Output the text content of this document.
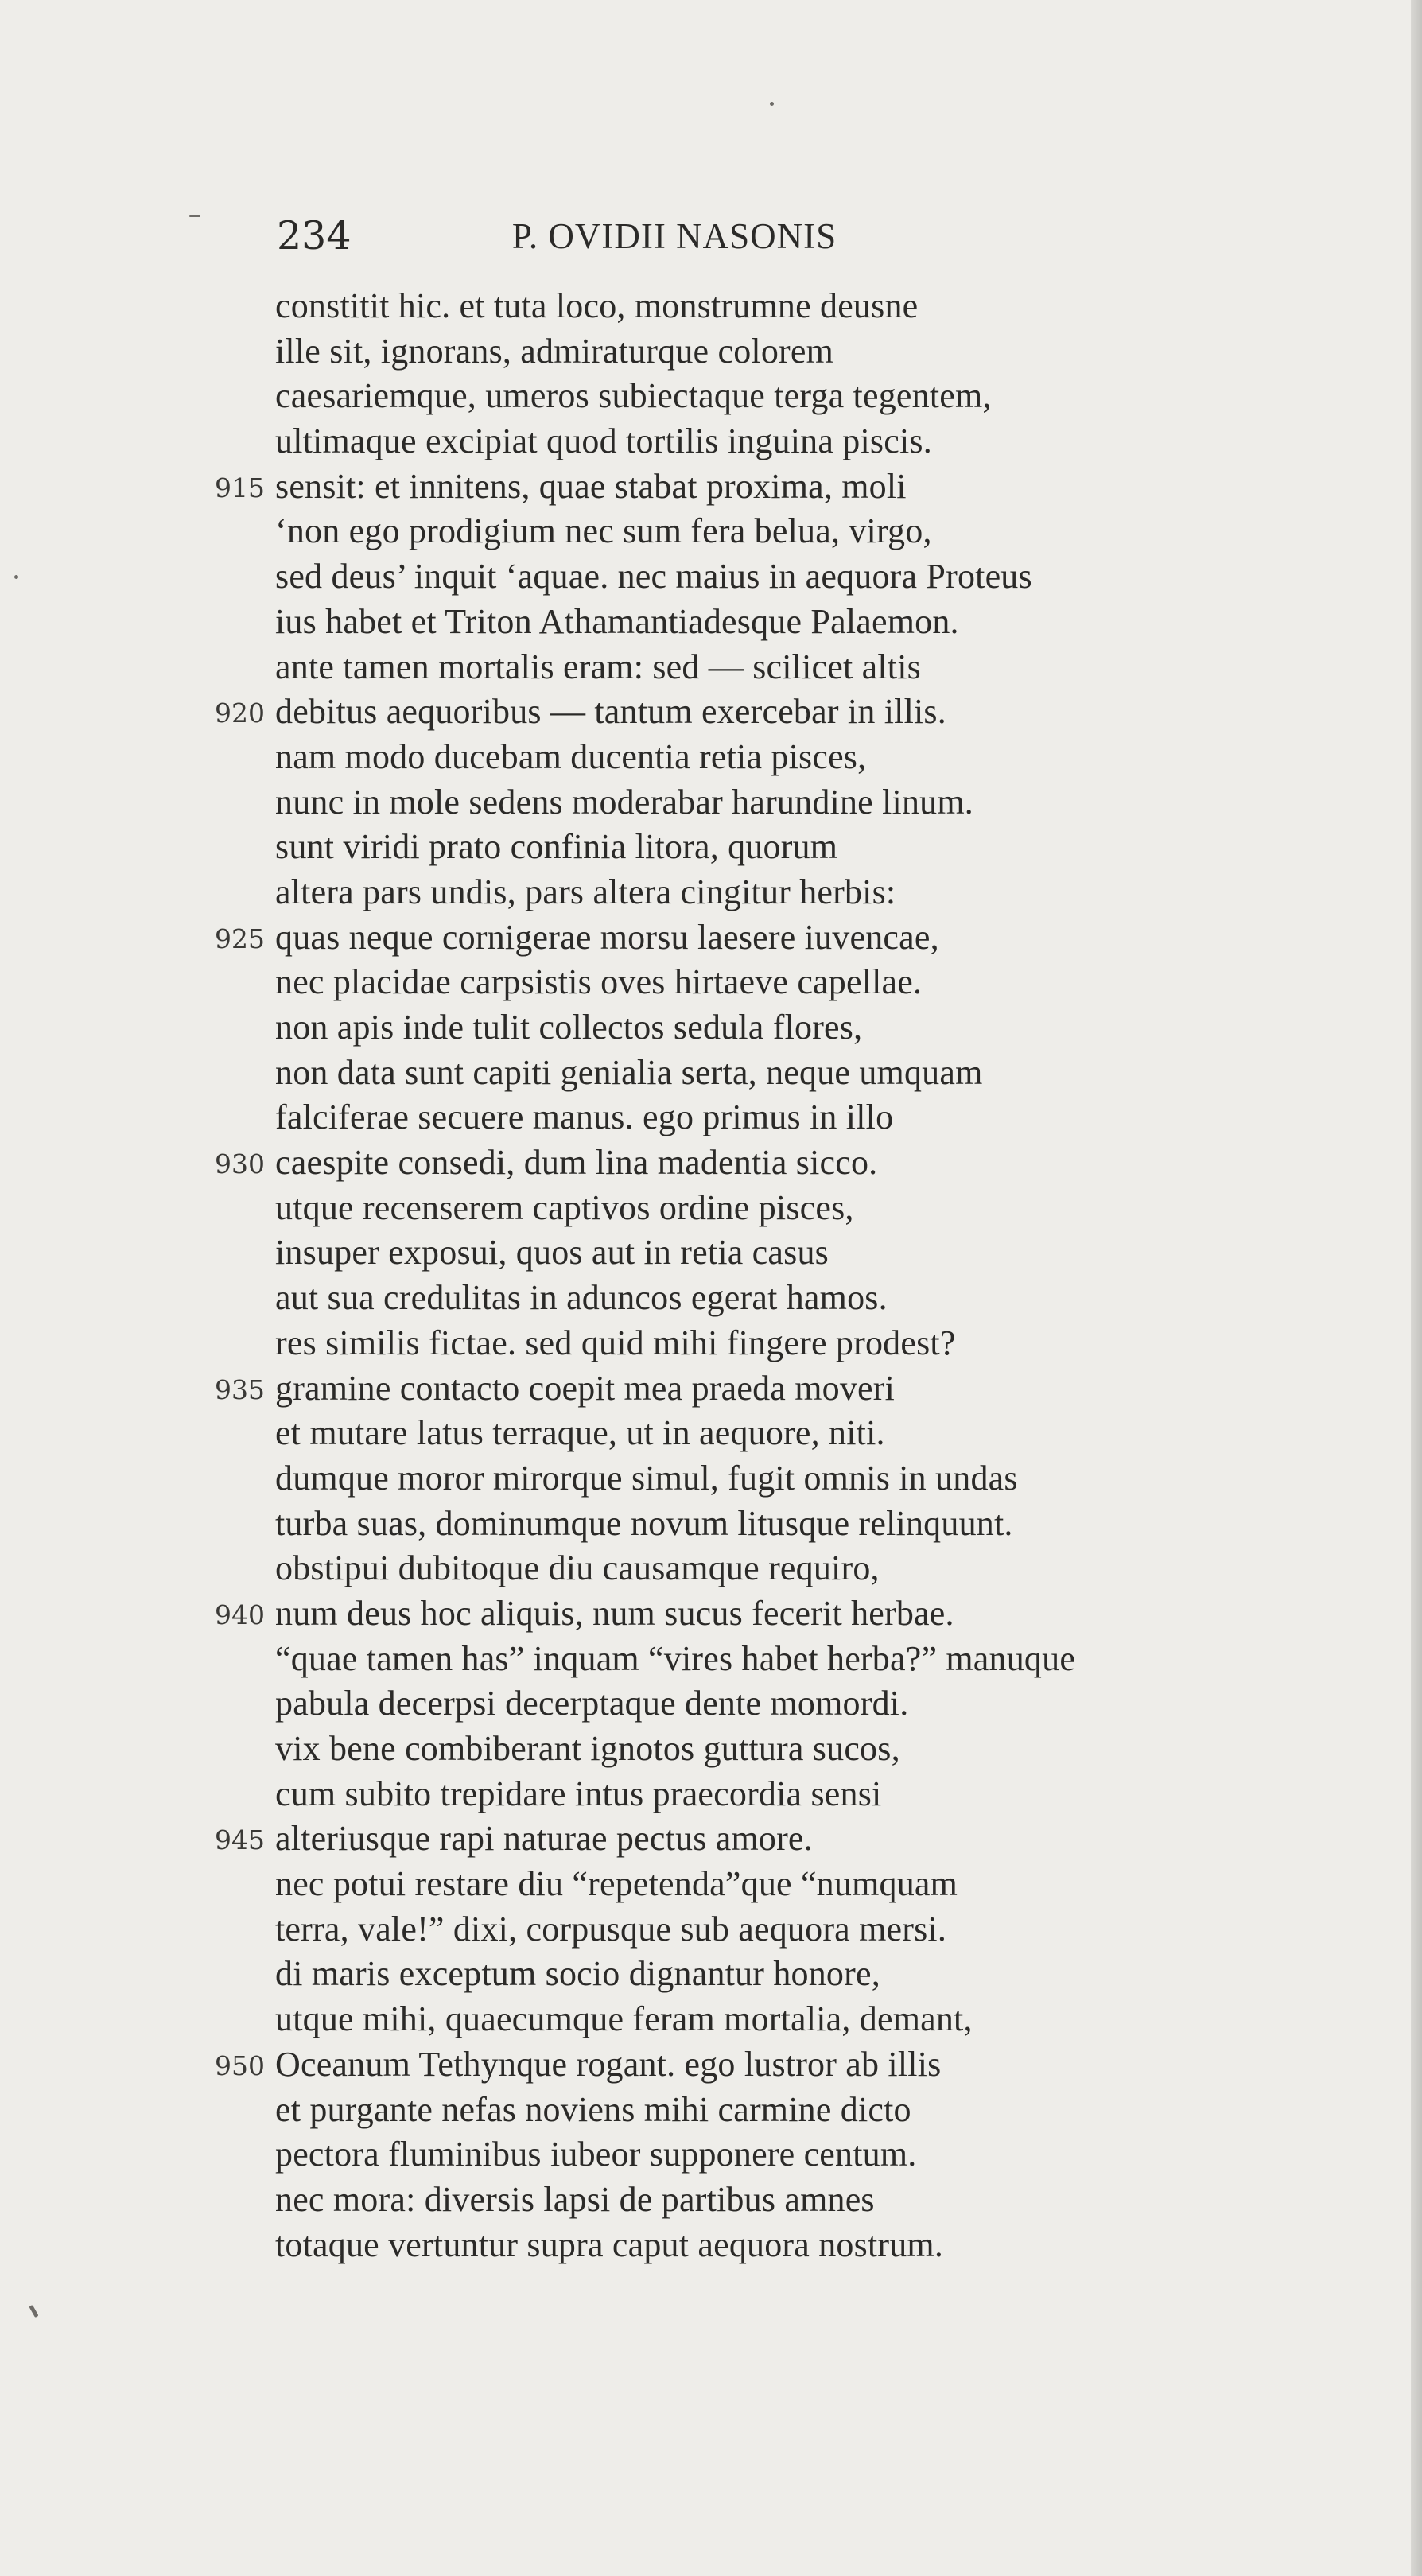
234	P. OVIDII NASONIS
constitit hic. et tuta loco, monstrumne deusne
ille sit, ignorans, admiraturque colorem
caesariemque, umeros subiectaque terga tegentem,
ultimaque excipiat quod tortilis inguina piscis.
915 sensit: et innitens, quae stabat proxima, moli
‘non ego prodigium nec sum fera belua, virgo,
sed deus’ inquit ‘aquae. nec maius in aequora Proteus
ius habet et Triton Athamantiadesque Palaemon.
ante tamen mortalis eram: sed — scilicet altis
920 debitus aequoribus — tantum exercebar in illis.
nam modo ducebam ducentia retia pisces,
nunc in mole sedens moderabar harundine linum.
sunt viridi prato confinia litora, quorum
altera pars undis, pars altera cingitur herbis:
925 quas neque cornigerae morsu laesere iuvencae,
nec placidae carpsistis oves hirtaeve capellae.
non apis inde tulit collectos sedula flores,
non data sunt capiti genialia serta, neque umquam
falciferae secuere manus. ego primus in illo
930 caespite consedi, dum lina madentia sicco.
utque recenserem captivos ordine pisces,
insuper exposui, quos aut in retia casus
aut sua credulitas in aduncos egerat hamos.
res similis fictae. sed quid mihi fingere prodest?
935 gramine contacto coepit mea praeda moveri
et mutare latus terraque, ut in aequore, niti.
dumque moror mirorque simul, fugit omnis in undas
turba suas, dominumque novum litusque relinquunt.
obstipui dubitoque diu causamque requiro,
940 num deus hoc aliquis, num sucus fecerit herbae.
“quae tamen has” inquam “vires habet herba?” manuque
pabula decerpsi decerptaque dente momordi.
vix bene combiberant ignotos guttura sucos,
cum subito trepidare intus praecordia sensi
945 alteriusque rapi naturae pectus amore.
nec potui restare diu “repetenda”que “numquam
terra, vale!” dixi, corpusque sub aequora mersi.
di maris exceptum socio dignantur honore,
utque mihi, quaecumque feram mortalia, demant,
950 Oceanum Tethynque rogant. ego lustror ab illis
et purgante nefas noviens mihi carmine dicto
pectora fluminibus iubeor supponere centum.
nec mora: diversis lapsi de partibus amnes
totaque vertuntur supra caput aequora nostrum.
